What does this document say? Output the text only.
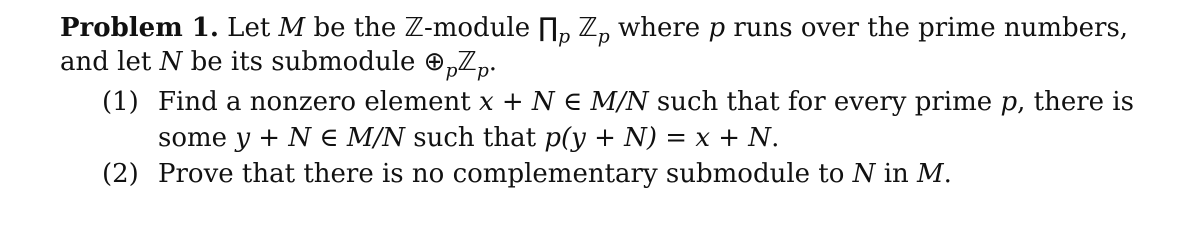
Problem 1. Let M be the ℤ-module $\prod_p$ ℤ$_p$ where p runs over the prime numbers,
and let N be its submodule $\oplus_pℤ_p$.
(1) Find a nonzero element x + N ∈ M/N such that for every prime p, there is
some y + N ∈ M/N such that p(y + N) = x + N.
(2) Prove that there is no complementary submodule to N in M.
